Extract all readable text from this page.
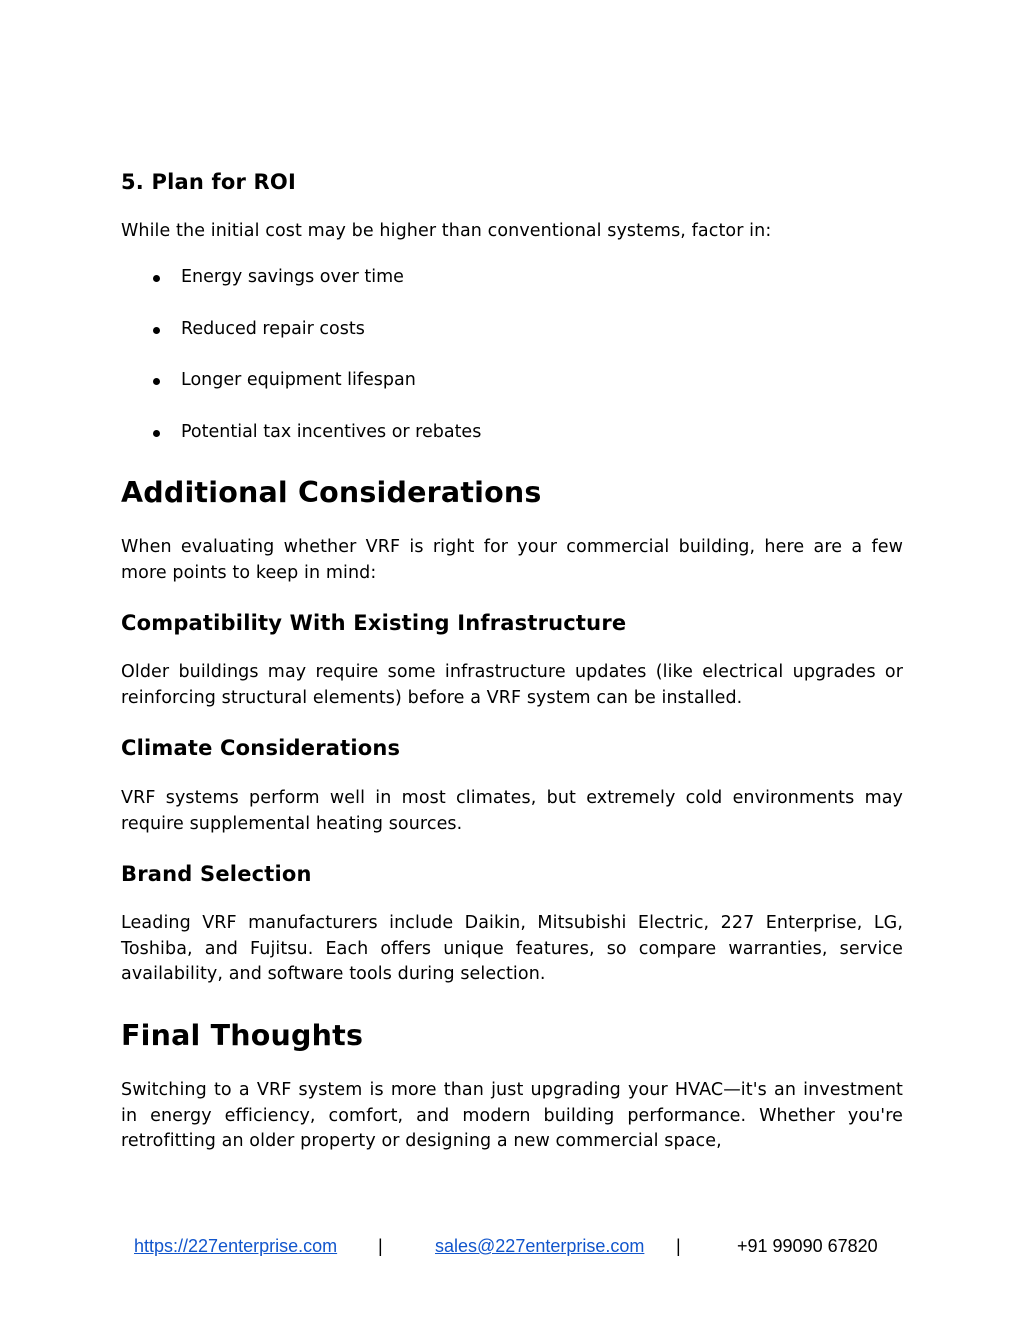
5. Plan for ROI

While the initial cost may be higher than conventional systems, factor in:

Energy savings over time
Reduced repair costs
Longer equipment lifespan
Potential tax incentives or rebates
Additional Considerations

When evaluating whether VRF is right for your commercial building, here are a few more points to keep in mind:

Compatibility With Existing Infrastructure

Older buildings may require some infrastructure updates (like electrical upgrades or reinforcing structural elements) before a VRF system can be installed.

Climate Considerations

VRF systems perform well in most climates, but extremely cold environments may require supplemental heating sources.

Brand Selection

Leading VRF manufacturers include Daikin, Mitsubishi Electric, 227 Enterprise, LG, Toshiba, and Fujitsu. Each offers unique features, so compare warranties, service availability, and software tools during selection.

Final Thoughts

Switching to a VRF system is more than just upgrading your HVAC—it's an investment in energy efficiency, comfort, and modern building performance. Whether you're retrofitting an older property or designing a new commercial space,

https://227enterprise.com |	sales@227enterprise.com |	+91 99090 67820
